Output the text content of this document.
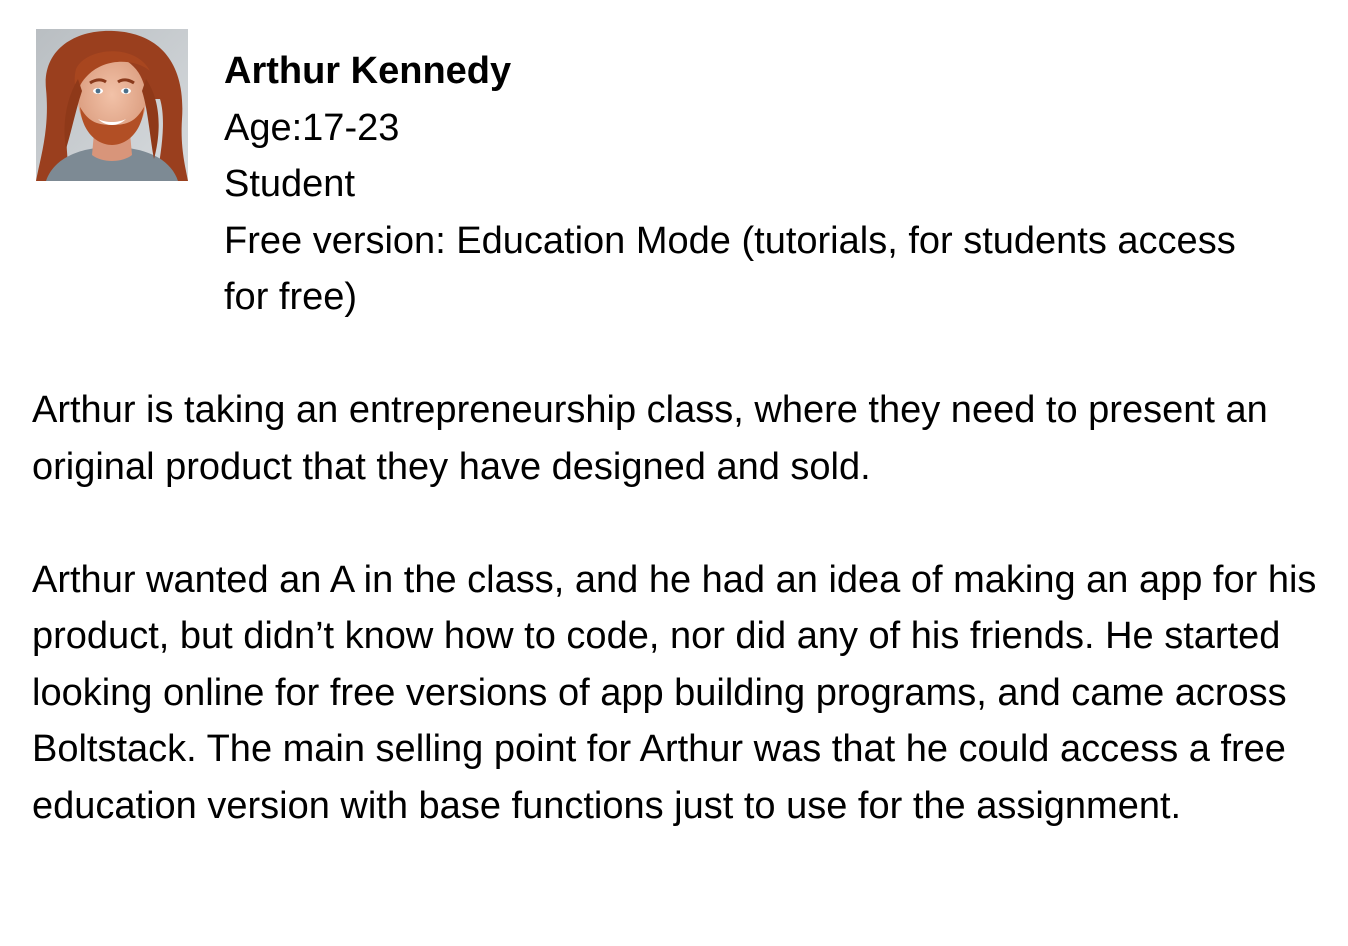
Arthur Kennedy

Age:17-23

Student

Free version: Education Mode (tutorials, for students access for free)

Arthur is taking an entrepreneurship class, where they need to present an original product that they have designed and sold.

Arthur wanted an A in the class, and he had an idea of making an app for his product, but didn’t know how to code, nor did any of his friends. He started looking online for free versions of app building programs, and came across Boltstack. The main selling point for Arthur was that he could access a free education version with base functions just to use for the assignment.
